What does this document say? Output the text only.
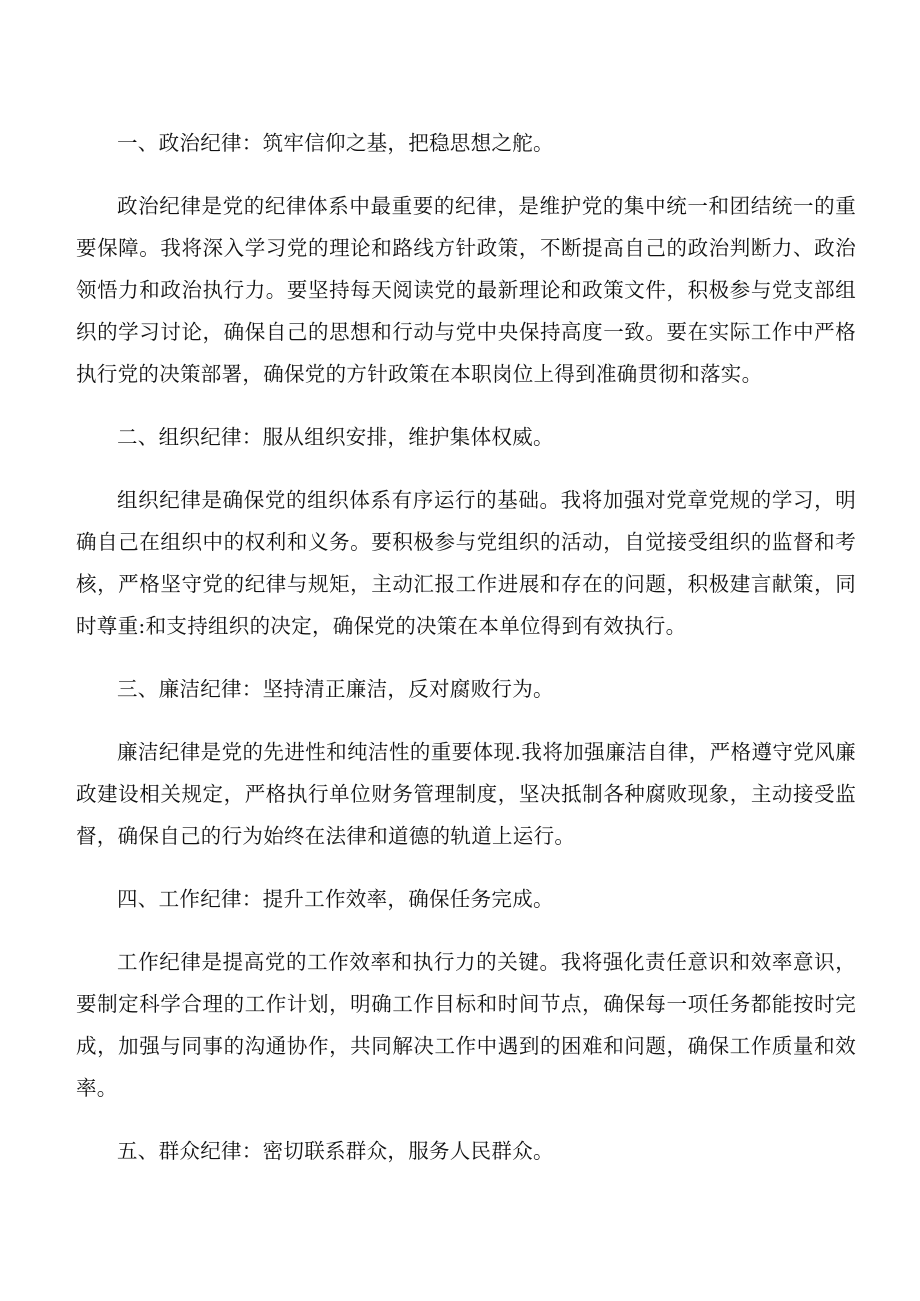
一、政治纪律：筑牢信仰之基，把稳思想之舵。

政治纪律是党的纪律体系中最重要的纪律，是维护党的集中统一和团结统一的重要保障。我将深入学习党的理论和路线方针政策，不断提高自己的政治判断力、政治领悟力和政治执行力。要坚持每天阅读党的最新理论和政策文件，积极参与党支部组织的学习讨论，确保自己的思想和行动与党中央保持高度一致。要在实际工作中严格执行党的决策部署，确保党的方针政策在本职岗位上得到准确贯彻和落实。

二、组织纪律：服从组织安排，维护集体权威。

组织纪律是确保党的组织体系有序运行的基础。我将加强对党章党规的学习，明确自己在组织中的权利和义务。要积极参与党组织的活动，自觉接受组织的监督和考核，严格坚守党的纪律与规矩，主动汇报工作进展和存在的问题，积极建言献策，同时尊重:和支持组织的决定，确保党的决策在本单位得到有效执行。

三、廉洁纪律：坚持清正廉洁，反对腐败行为。

廉洁纪律是党的先进性和纯洁性的重要体现.我将加强廉洁自律，严格遵守党风廉政建设相关规定，严格执行单位财务管理制度，坚决抵制各种腐败现象，主动接受监督，确保自己的行为始终在法律和道德的轨道上运行。

四、工作纪律：提升工作效率，确保任务完成。

工作纪律是提高党的工作效率和执行力的关键。我将强化责任意识和效率意识，要制定科学合理的工作计划，明确工作目标和时间节点，确保每一项任务都能按时完成，加强与同事的沟通协作，共同解决工作中遇到的困难和问题，确保工作质量和效率。

五、群众纪律：密切联系群众，服务人民群众。
